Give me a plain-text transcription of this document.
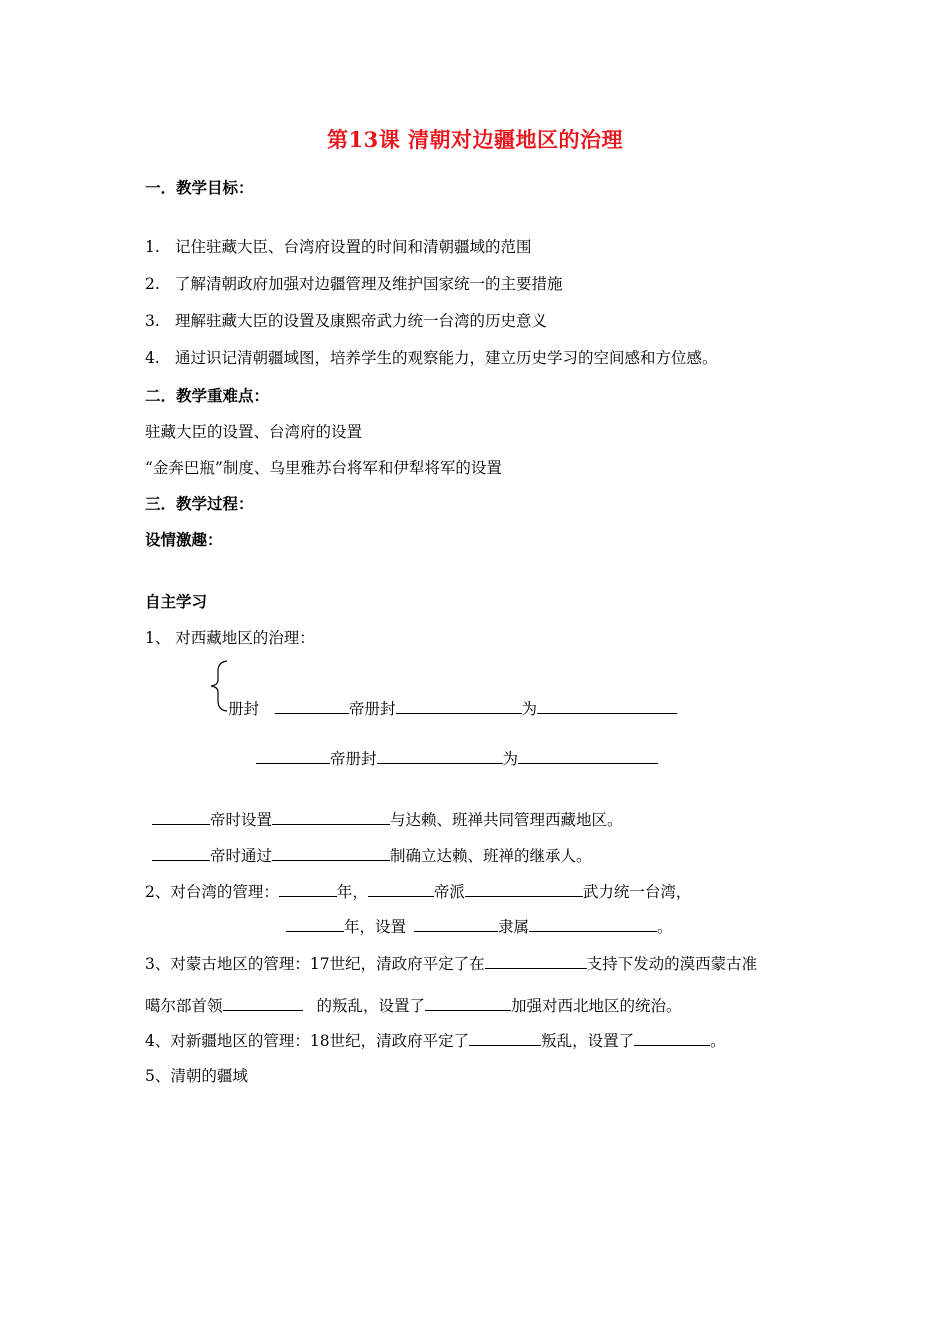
第13课 清朝对边疆地区的治理
一．教学目标：
1. 记住驻藏大臣、台湾府设置的时间和清朝疆域的范围
2. 了解清朝政府加强对边疆管理及维护国家统一的主要措施
3. 理解驻藏大臣的设置及康熙帝武力统一台湾的历史意义
4. 通过识记清朝疆域图，培养学生的观察能力，建立历史学习的空间感和方位感。
二．教学重难点：
驻藏大臣的设置、台湾府的设置
“金奔巴瓶”制度、乌里雅苏台将军和伊犁将军的设置
三．教学过程：
设情激趣：
自主学习
1、 对西藏地区的治理：
册封	帝册封	为
帝册封	为
帝时设置	与达赖、班禅共同管理西藏地区。
帝时通过	制确立达赖、班禅的继承人。
2、对台湾的管理：	年，	帝派	武力统一台湾，
年，设置	隶属	。
3、对蒙古地区的管理：17世纪，清政府平定了在	支持下发动的漠西蒙古准
噶尔部首领	的叛乱，设置了	加强对西北地区的统治。
4、对新疆地区的管理：18世纪，清政府平定了	叛乱，设置了	。
5、清朝的疆域
